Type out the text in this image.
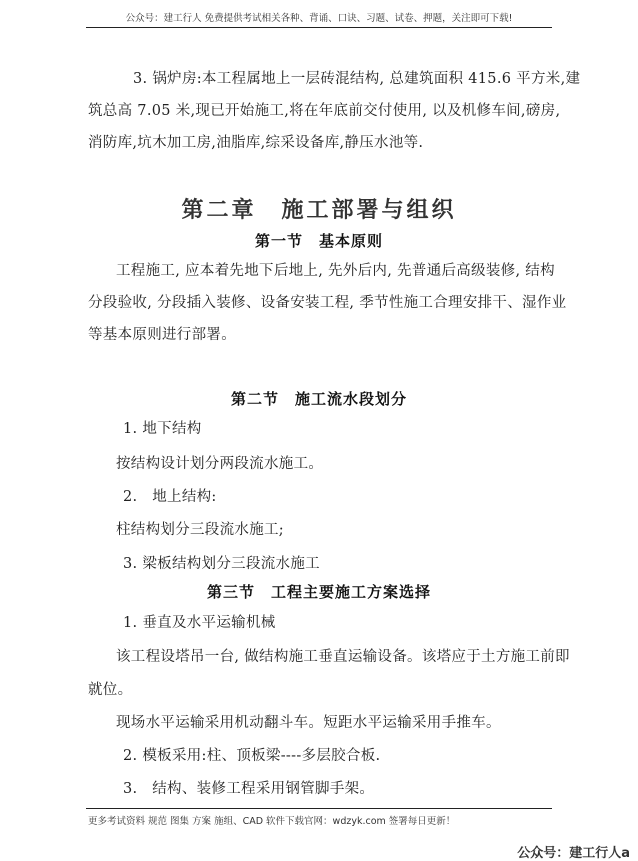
公众号：建工行人 免费提供考试相关各种、背诵、口诀、习题、试卷、押题，关注即可下载!
3. 锅炉房:本工程属地上一层砖混结构, 总建筑面积 415.6 平方米,建
筑总高 7.05 米,现已开始施工,将在年底前交付使用, 以及机修车间,磅房,
消防库,坑木加工房,油脂库,综采设备库,静压水池等.
第二章　施工部署与组织
第一节　基本原则
工程施工, 应本着先地下后地上, 先外后内, 先普通后高级装修, 结构
分段验收, 分段插入装修、设备安装工程, 季节性施工合理安排干、湿作业
等基本原则进行部署。
第二节　施工流水段划分
1. 地下结构
按结构设计划分两段流水施工。
2.　地上结构:
柱结构划分三段流水施工;
3. 梁板结构划分三段流水施工
第三节　工程主要施工方案选择
1. 垂直及水平运输机械
该工程设塔吊一台, 做结构施工垂直运输设备。该塔应于土方施工前即
就位。
现场水平运输采用机动翻斗车。短距水平运输采用手推车。
2. 模板采用:柱、顶板梁----多层胶合板.
3.　结构、装修工程采用钢管脚手架。
更多考试资料 规范 图集 方案 施组、CAD 软件下载官网：wdzyk.com 签署每日更新！
公众号：建工行人a
